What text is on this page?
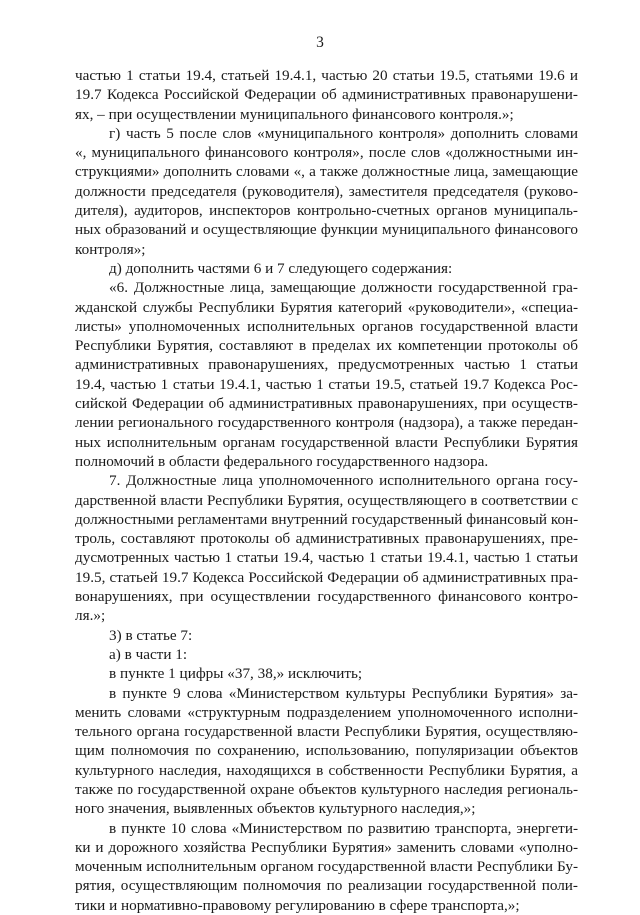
3
частью 1 статьи 19.4, статьей 19.4.1, частью 20 статьи 19.5, статьями 19.6 и
19.7 Кодекса Российской Федерации об административных правонарушени-
ях, – при осуществлении муниципального финансового контроля.»;
г) часть 5 после слов «муниципального контроля» дополнить словами
«, муниципального финансового контроля», после слов «должностными ин-
струкциями» дополнить словами «, а также должностные лица, замещающие
должности председателя (руководителя), заместителя председателя (руково-
дителя), аудиторов, инспекторов контрольно-счетных органов муниципаль-
ных образований и осуществляющие функции муниципального финансового
контроля»;
д) дополнить частями 6 и 7 следующего содержания:
«6. Должностные лица, замещающие должности государственной гра-
жданской службы Республики Бурятия категорий «руководители», «специа-
листы» уполномоченных исполнительных органов государственной власти
Республики Бурятия, составляют в пределах их компетенции протоколы об
административных правонарушениях, предусмотренных частью 1 статьи
19.4, частью 1 статьи 19.4.1, частью 1 статьи 19.5, статьей 19.7 Кодекса Рос-
сийской Федерации об административных правонарушениях, при осуществ-
лении регионального государственного контроля (надзора), а также передан-
ных исполнительным органам государственной власти Республики Бурятия
полномочий в области федерального государственного надзора.
7. Должностные лица уполномоченного исполнительного органа госу-
дарственной власти Республики Бурятия, осуществляющего в соответствии с
должностными регламентами внутренний государственный финансовый кон-
троль, составляют протоколы об административных правонарушениях, пре-
дусмотренных частью 1 статьи 19.4, частью 1 статьи 19.4.1, частью 1 статьи
19.5, статьей 19.7 Кодекса Российской Федерации об административных пра-
вонарушениях, при осуществлении государственного финансового контро-
ля.»;
3) в статье 7:
а) в части 1:
в пункте 1 цифры «37, 38,» исключить;
в пункте 9 слова «Министерством культуры Республики Бурятия» за-
менить словами «структурным подразделением уполномоченного исполни-
тельного органа государственной власти Республики Бурятия, осуществляю-
щим полномочия по сохранению, использованию, популяризации объектов
культурного наследия, находящихся в собственности Республики Бурятия, а
также по государственной охране объектов культурного наследия региональ-
ного значения, выявленных объектов культурного наследия,»;
в пункте 10 слова «Министерством по развитию транспорта, энергети-
ки и дорожного хозяйства Республики Бурятия» заменить словами «уполно-
моченным исполнительным органом государственной власти Республики Бу-
рятия, осуществляющим полномочия по реализации государственной поли-
тики и нормативно-правовому регулированию в сфере транспорта,»;
